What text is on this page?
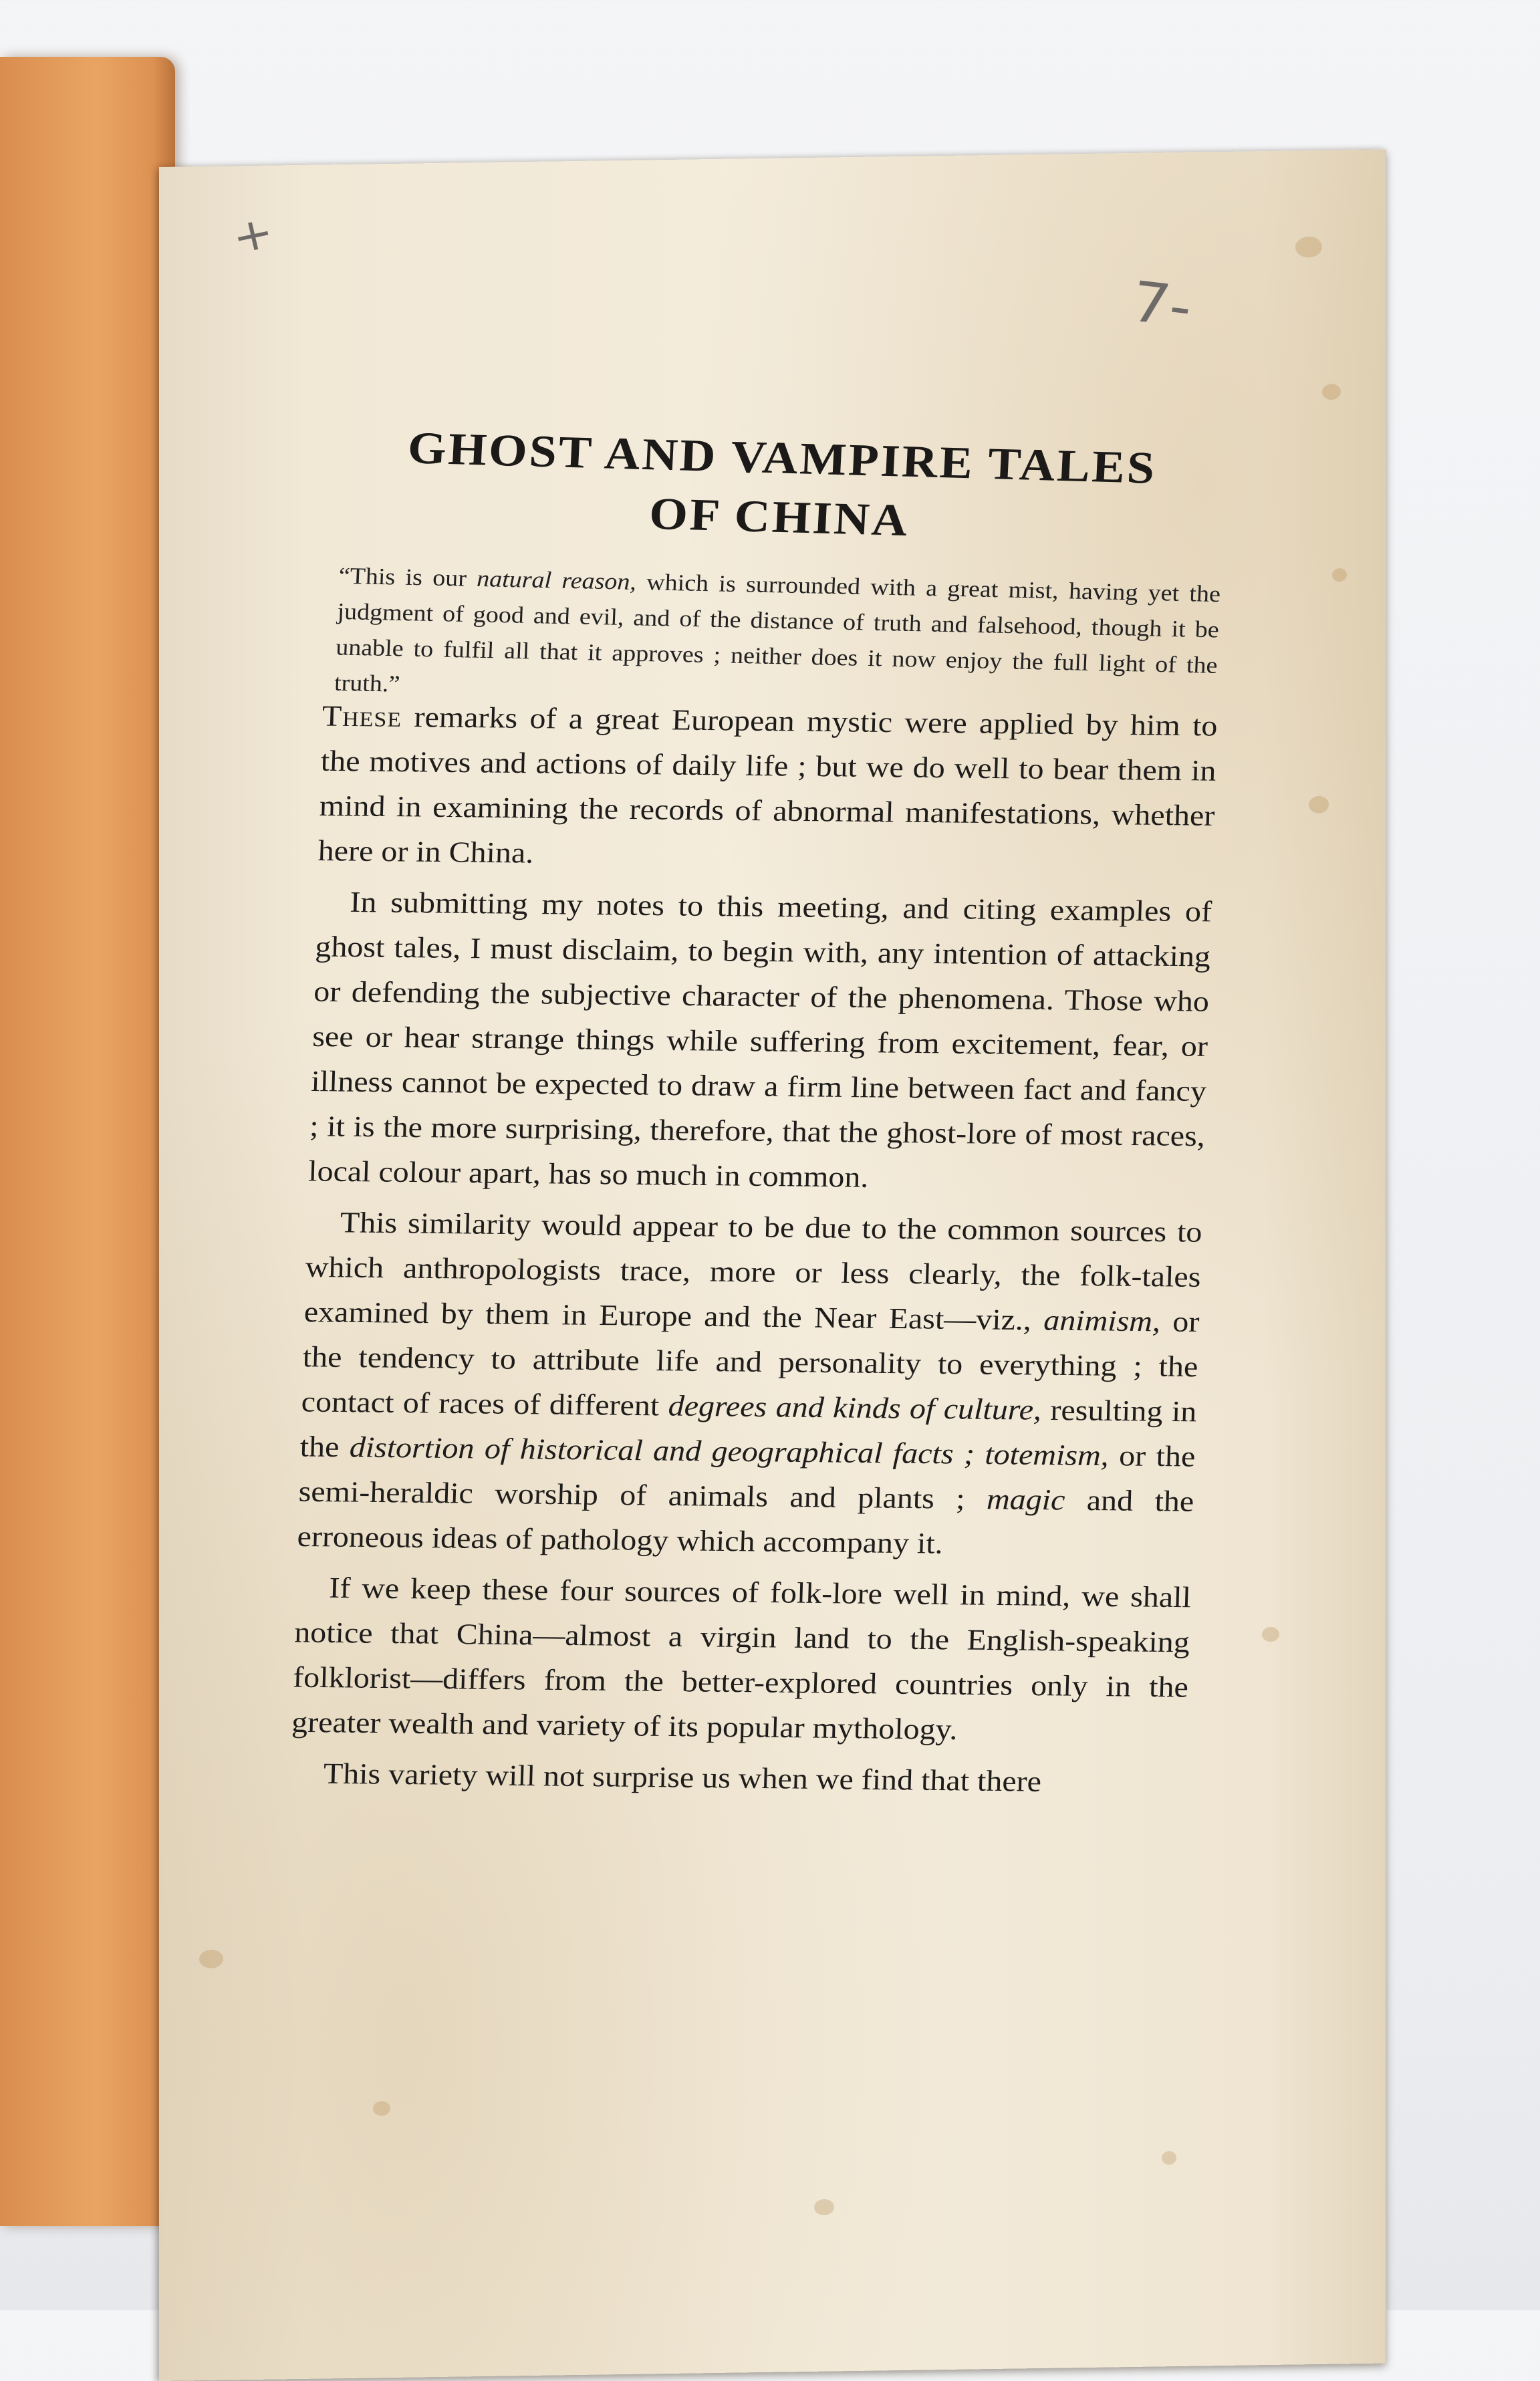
+
7-
GHOST AND VAMPIRE TALES
OF CHINA

“This is our natural reason, which is surrounded with a great mist, having yet the judgment of good and evil, and of the distance of truth and falsehood, though it be unable to fulfil all that it approves ; neither does it now enjoy the full light of the truth.”

These remarks of a great European mystic were applied by him to the motives and actions of daily life ; but we do well to bear them in mind in examining the records of abnormal manifestations, whether here or in China.

In submitting my notes to this meeting, and citing examples of ghost tales, I must disclaim, to begin with, any intention of attacking or defending the subjective character of the phenomena. Those who see or hear strange things while suffering from excitement, fear, or illness cannot be expected to draw a firm line between fact and fancy ; it is the more surprising, therefore, that the ghost-lore of most races, local colour apart, has so much in common.

This similarity would appear to be due to the common sources to which anthropologists trace, more or less clearly, the folk-tales examined by them in Europe and the Near East—viz., animism, or the tendency to attribute life and personality to everything ; the contact of races of different degrees and kinds of culture, resulting in the distortion of historical and geographical facts ; totemism, or the semi-heraldic worship of animals and plants ; magic and the erroneous ideas of pathology which accompany it.

If we keep these four sources of folk-lore well in mind, we shall notice that China—almost a virgin land to the English-speaking folklorist—differs from the better-explored countries only in the greater wealth and variety of its popular mythology.

This variety will not surprise us when we find that there
